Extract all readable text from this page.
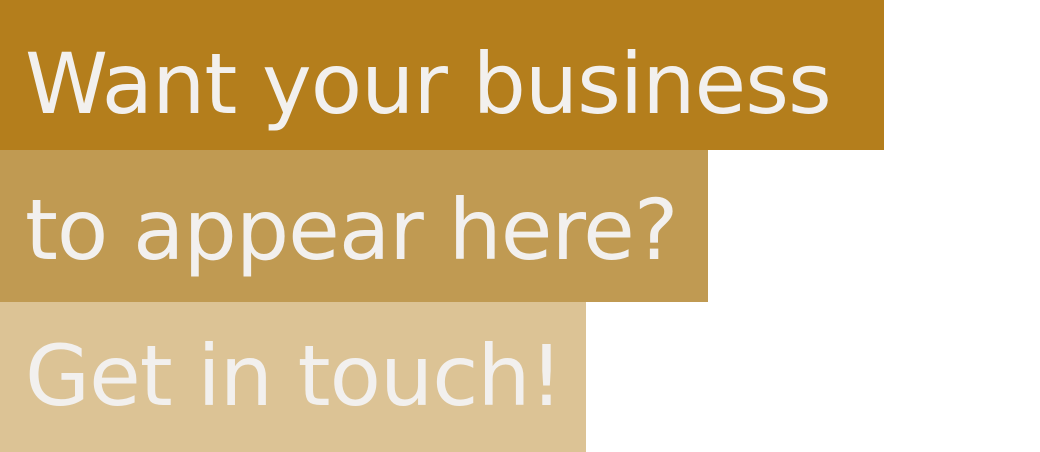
Want your business
to appear here?
Get in touch!
